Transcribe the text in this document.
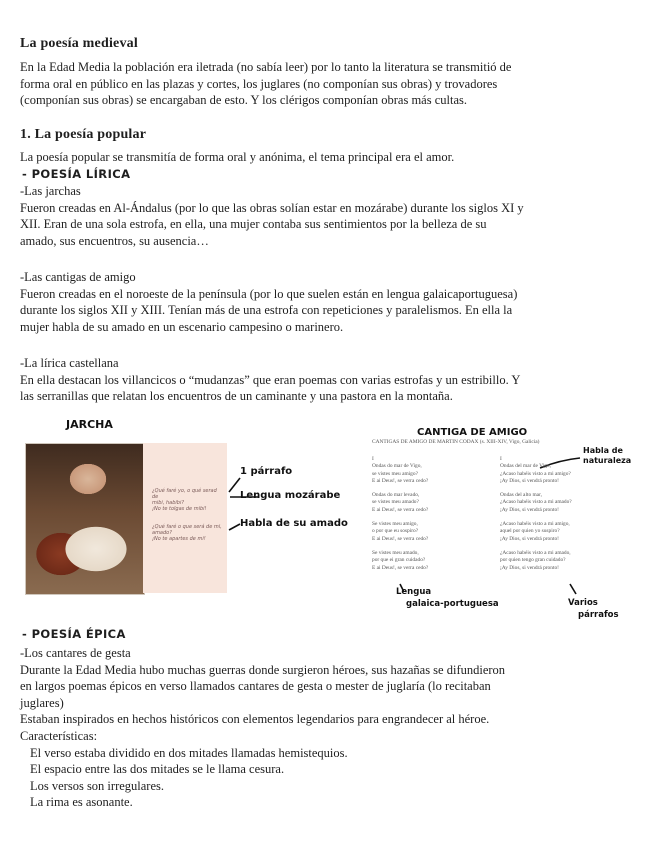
La poesía medieval
En la Edad Media la población era iletrada (no sabía leer) por lo tanto la literatura se transmitió de
forma oral en público en las plazas y cortes, los juglares (no componían sus obras) y trovadores
(componían sus obras) se encargaban de esto. Y los clérigos componían obras más cultas.
1. La poesía popular
La poesía popular se transmitía de forma oral y anónima, el tema principal era el amor.
- POESÍA LÍRICA
-Las jarchas
Fueron creadas en Al-Ándalus (por lo que las obras solían estar en mozárabe) durante los siglos XI y
XII. Eran de una sola estrofa, en ella, una mujer contaba sus sentimientos por la belleza de su
amado, sus encuentros, su ausencia…
-Las cantigas de amigo
Fueron creadas en el noroeste de la península (por lo que suelen están en lengua galaicaportuguesa)
durante los siglos XII y XIII. Tenían más de una estrofa con repeticiones y paralelismos. En ella la
mujer habla de su amado en un escenario campesino o marinero.
-La lírica castellana
En ella destacan los villancicos o “mudanzas” que eran poemas con varias estrofas y un estribillo. Y
las serranillas que relatan los encuentros de un caminante y una pastora en la montaña.
JARCHA
¿Qué faré yo, o qué serad de
mibi, habibi?
¡No te tolgas de mibi!
¿Qué faré o que será de mi,
amado?
¡No te apartes de mi!
1 párrafo
Lengua mozárabe
Habla de su amado
CANTIGA DE AMIGO
CANTIGAS DE AMIGO DE MARTIN CODAX (s. XIII-XIV, Vigo, Galicia)
I
Ondas do mar de Vigo,
se vistes meu amigo?
E ai Deus!, se verra cedo?
Ondas do mar levado,
se vistes meu amado?
E ai Deus!, se verra cedo?
Se vistes meu amigo,
o por que eu sospiro?
E ai Deus!, se verra cedo?
Se vistes meu amado,
por que ei gran cuidado?
E ai Deus!, se verra cedo?
I
Ondas del mar de Vigo,
¿Acaso habéis visto a mi amigo?
¡Ay Dios, si vendrá pronto!
Ondas del alto mar,
¿Acaso habéis visto a mi amado?
¡Ay Dios, si vendrá pronto!
¿Acaso habéis visto a mi amigo,
aquel por quien yo suspiro?
¡Ay Dios, si vendrá pronto!
¿Acaso habéis visto a mi amado,
por quien tengo gran cuidado?
¡Ay Dios, si vendrá pronto!
Habla de
naturaleza
Lengua
galaica-portuguesa	Varios
párrafos
- POESÍA ÉPICA
-Los cantares de gesta
Durante la Edad Media hubo muchas guerras donde surgieron héroes, sus hazañas se difundieron
en largos poemas épicos en verso llamados cantares de gesta o mester de juglaría (lo recitaban
juglares)
Estaban inspirados en hechos históricos con elementos legendarios para engrandecer al héroe.
Características:
El verso estaba dividido en dos mitades llamadas hemistequios.
El espacio entre las dos mitades se le llama cesura.
Los versos son irregulares.
La rima es asonante.
